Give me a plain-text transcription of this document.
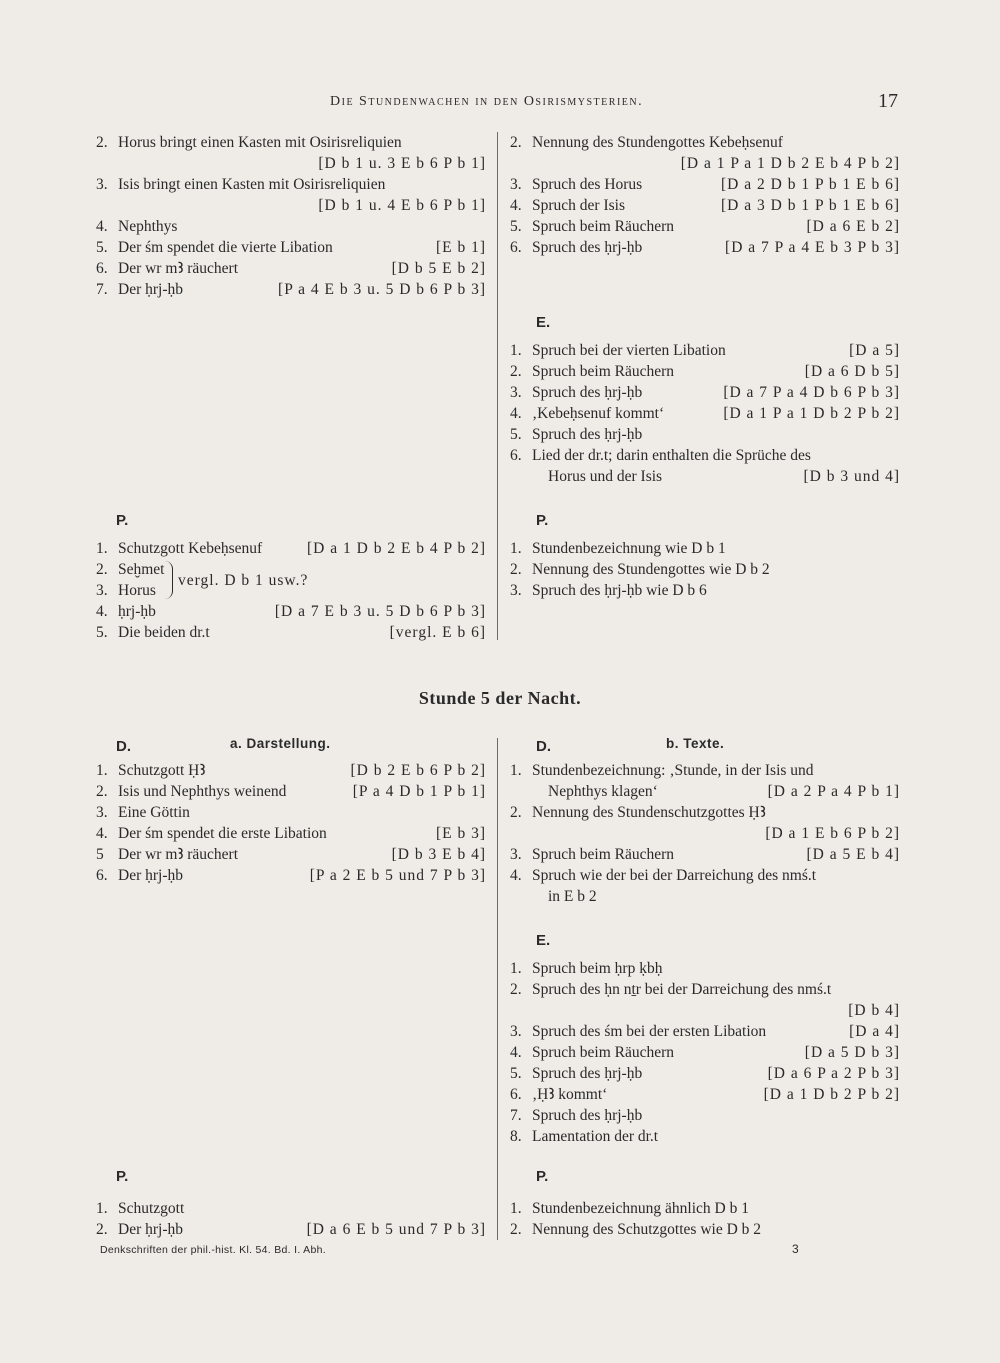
Die Stundenwachen in den Osirismysterien.	17
2. Horus bringt einen Kasten mit Osirisreliquien
[D b 1 u. 3 E b 6 P b 1]
3. Isis bringt einen Kasten mit Osirisreliquien
[D b 1 u. 4 E b 6 P b 1]
4. Nephthys
5. Der śm spendet die vierte Libation	[E b 1]
6. Der wr mꜢ räuchert	[D b 5 E b 2]
7. Der ḥrj-ḥb	[P a 4 E b 3 u. 5 D b 6 P b 3]
2. Nennung des Stundengottes Kebeḥsenuf
[D a 1 P a 1 D b 2 E b 4 P b 2]
3. Spruch des Horus	[D a 2 D b 1 P b 1 E b 6]
4. Spruch der Isis	[D a 3 D b 1 P b 1 E b 6]
5. Spruch beim Räuchern	[D a 6 E b 2]
6. Spruch des ḥrj-ḥb	[D a 7 P a 4 E b 3 P b 3]
E.
1. Spruch bei der vierten Libation	[D a 5]
2. Spruch beim Räuchern	[D a 6 D b 5]
3. Spruch des ḥrj-ḥb	[D a 7 P a 4 D b 6 P b 3]
4. ‚Kebeḥsenuf kommt‘	[D a 1 P a 1 D b 2 P b 2]
5. Spruch des ḥrj-ḥb
6. Lied der dr.t; darin enthalten die Sprüche des
Horus und der Isis	[D b 3 und 4]
P.
1. Schutzgott Kebeḥsenuf	[D a 1 D b 2 E b 4 P b 2]
2. Seḫmet
3. Horus
vergl. D b 1 usw.?
4. ḥrj-ḥb	[D a 7 E b 3 u. 5 D b 6 P b 3]
5. Die beiden dr.t	[vergl. E b 6]
P.
1. Stundenbezeichnung wie D b 1
2. Nennung des Stundengottes wie D b 2
3. Spruch des ḥrj-ḥb wie D b 6
Stunde 5 der Nacht.
D.	a. Darstellung.
1. Schutzgott ḤꜢ	[D b 2 E b 6 P b 2]
2. Isis und Nephthys weinend	[P a 4 D b 1 P b 1]
3. Eine Göttin
4. Der śm spendet die erste Libation	[E b 3]
5 Der wr mꜢ räuchert	[D b 3 E b 4]
6. Der ḥrj-ḥb	[P a 2 E b 5 und 7 P b 3]
P.
1. Schutzgott
2. Der ḥrj-ḥb	[D a 6 E b 5 und 7 P b 3]
D.	b. Texte.
1. Stundenbezeichnung: ‚Stunde, in der Isis und
Nephthys klagen‘	[D a 2 P a 4 P b 1]
2. Nennung des Stundenschutzgottes ḤꜢ
[D a 1 E b 6 P b 2]
3. Spruch beim Räuchern	[D a 5 E b 4]
4. Spruch wie der bei der Darreichung des nmś.t
in E b 2
E.
1. Spruch beim ḥrp ḳbḥ
2. Spruch des ḥn nṯr bei der Darreichung des nmś.t
[D b 4]
3. Spruch des śm bei der ersten Libation	[D a 4]
4. Spruch beim Räuchern	[D a 5 D b 3]
5. Spruch des ḥrj-ḥb	[D a 6 P a 2 P b 3]
6. ‚ḤꜢ kommt‘	[D a 1 D b 2 P b 2]
7. Spruch des ḥrj-ḥb
8. Lamentation der dr.t
P.
1. Stundenbezeichnung ähnlich D b 1
2. Nennung des Schutzgottes wie D b 2
Denkschriften der phil.-hist. Kl. 54. Bd. I. Abh.	3
